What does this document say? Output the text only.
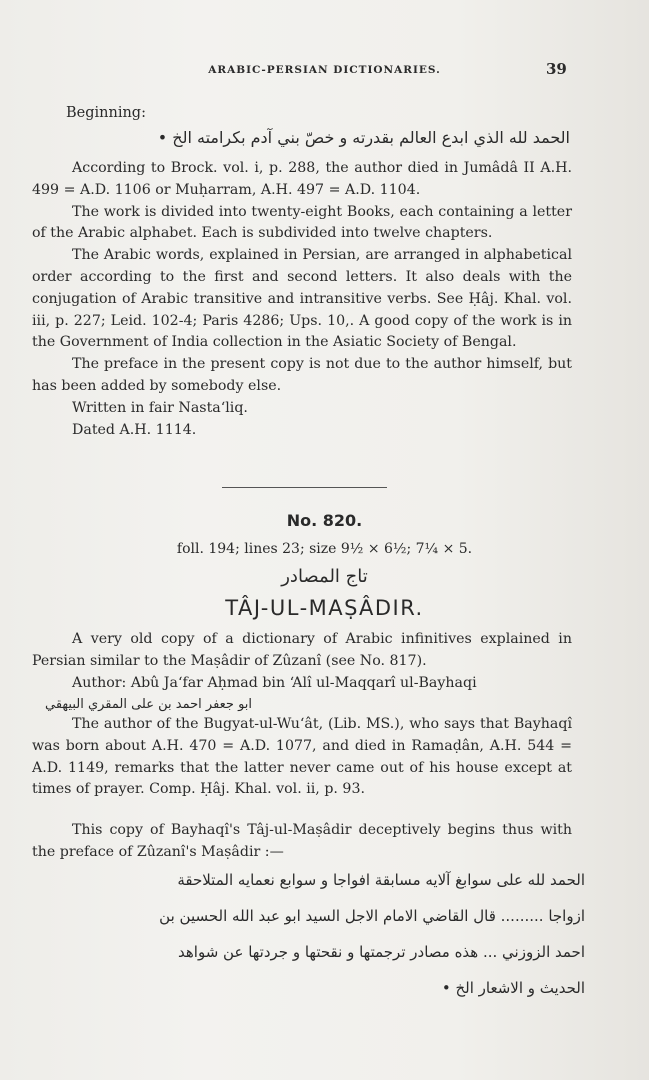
ARABIC-PERSIAN DICTIONARIES.	39
Beginning:
الحمد لله الذي ابدع العالم بقدرته و خصّ بني آدم بكرامته الخ •

According to Brock. vol. i, p. 288, the author died in Jumâdâ II A.H. 499 = A.D. 1106 or Muḥarram, A.H. 497 = A.D. 1104.

The work is divided into twenty-eight Books, each containing a letter of the Arabic alphabet. Each is subdivided into twelve chapters.

The Arabic words, explained in Persian, are arranged in alphabetical order according to the first and second letters. It also deals with the conjugation of Arabic transitive and intransitive verbs. See Ḥâj. Khal. vol. iii, p. 227; Leid. 102-4; Paris 4286; Ups. 10,. A good copy of the work is in the Government of India collection in the Asiatic Society of Bengal.

The preface in the present copy is not due to the author himself, but has been added by somebody else.

Written in fair Nasta‘liq.

Dated A.H. 1114.

No. 820.
foll. 194; lines 23; size 9½ × 6½; 7¼ × 5.
تاج المصادر
TÂJ-UL-MAṢÂDIR.

A very old copy of a dictionary of Arabic infinitives explained in Persian similar to the Maṣâdir of Zûzanî (see No. 817).

Author: Abû Ja‘far Aḥmad bin ‘Alî ul-Maqqarî ul-Bayhaqi

ابو جعفر احمد بن علی المقري البيهقي

The author of the Bugyat-ul-Wu‘ât, (Lib. MS.), who says that Bayhaqî was born about A.H. 470 = A.D. 1077, and died in Ramaḍân, A.H. 544 = A.D. 1149, remarks that the latter never came out of his house except at times of prayer. Comp. Ḥâj. Khal. vol. ii, p. 93.

This copy of Bayhaqî's Tâj-ul-Maṣâdir deceptively begins thus with the preface of Zûzanî's Maṣâdir :—

الحمد لله على سوابغ آلايه مسابقة افواجا و سوابع نعمايه المتلاحقة
ازواجا ......... قال القاضي الامام الاجل السيد ابو عبد الله الحسين بن
احمد الزوزني ... هذه مصادر ترجمتها و نقحتها و جردتها عن شواهد
الحديث و الاشعار الخ •
